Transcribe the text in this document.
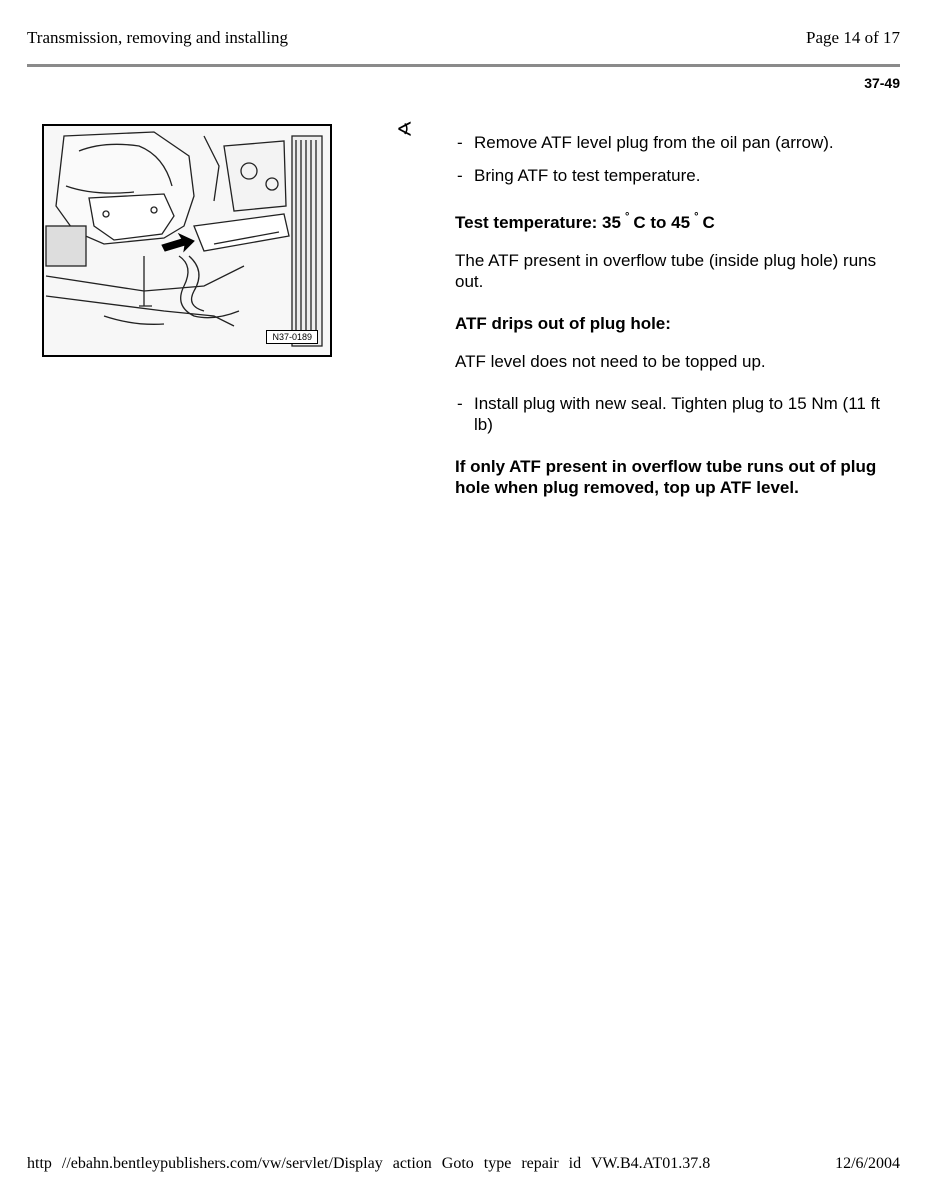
Transmission, removing and installing	Page 14 of 17
37-49
N37-0189
∢
- Remove ATF level plug from the oil pan (arrow).
- Bring ATF to test temperature.

Test temperature: 35 ° C to 45 ° C

The ATF present in overflow tube (inside plug hole) runs out.

ATF drips out of plug hole:

ATF level does not need to be topped up.

- Install plug with new seal. Tighten plug to 15 Nm (11 ft lb)

If only ATF present in overflow tube runs out of plug hole when plug removed, top up ATF level.

http //ebahn.bentleypublishers.com/vw/servlet/Display action Goto type repair id VW.B4.AT01.37.8	12/6/2004
